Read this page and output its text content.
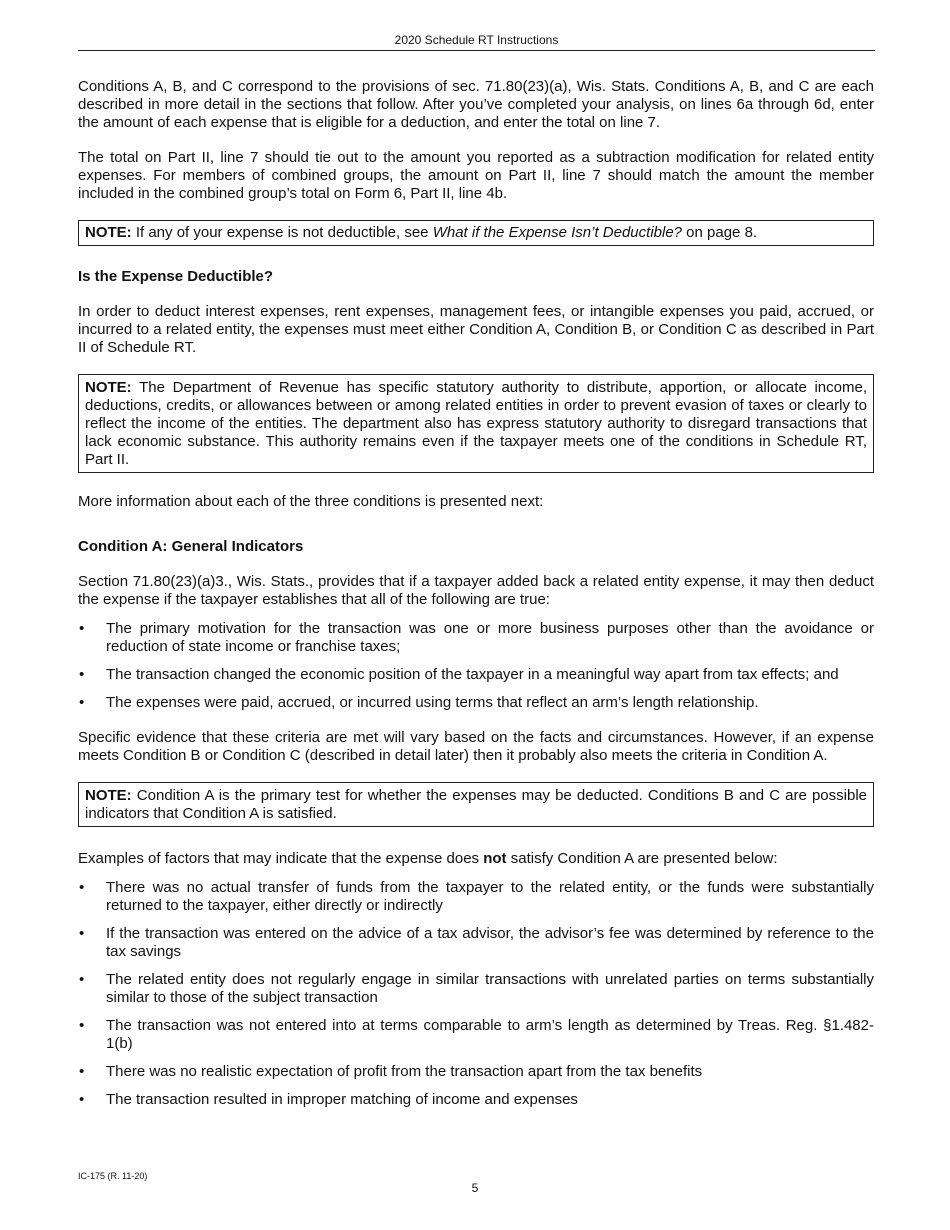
2020 Schedule RT Instructions

Conditions A, B, and C correspond to the provisions of sec. 71.80(23)(a), Wis. Stats. Conditions A, B, and C are each described in more detail in the sections that follow. After you’ve completed your analysis, on lines 6a through 6d, enter the amount of each expense that is eligible for a deduction, and enter the total on line 7.

The total on Part II, line 7 should tie out to the amount you reported as a subtraction modification for related entity expenses. For members of combined groups, the amount on Part II, line 7 should match the amount the member included in the combined group’s total on Form 6, Part II, line 4b.

NOTE: If any of your expense is not deductible, see What if the Expense Isn’t Deductible? on page 8.
Is the Expense Deductible?

In order to deduct interest expenses, rent expenses, management fees, or intangible expenses you paid, accrued, or incurred to a related entity, the expenses must meet either Condition A, Condition B, or Condition C as described in Part II of Schedule RT.

NOTE: The Department of Revenue has specific statutory authority to distribute, apportion, or allocate income, deductions, credits, or allowances between or among related entities in order to prevent evasion of taxes or clearly to reflect the income of the entities. The department also has express statutory authority to disregard transactions that lack economic substance. This authority remains even if the taxpayer meets one of the conditions in Schedule RT, Part II.

More information about each of the three conditions is presented next:

Condition A: General Indicators

Section 71.80(23)(a)3., Wis. Stats., provides that if a taxpayer added back a related entity expense, it may then deduct the expense if the taxpayer establishes that all of the following are true:

• The primary motivation for the transaction was one or more business purposes other than the avoidance or reduction of state income or franchise taxes;
• The transaction changed the economic position of the taxpayer in a meaningful way apart from tax effects; and
• The expenses were paid, accrued, or incurred using terms that reflect an arm’s length relationship.

Specific evidence that these criteria are met will vary based on the facts and circumstances. However, if an expense meets Condition B or Condition C (described in detail later) then it probably also meets the criteria in Condition A.

NOTE: Condition A is the primary test for whether the expenses may be deducted. Conditions B and C are possible indicators that Condition A is satisfied.

Examples of factors that may indicate that the expense does not satisfy Condition A are presented below:

• There was no actual transfer of funds from the taxpayer to the related entity, or the funds were substantially returned to the taxpayer, either directly or indirectly
• If the transaction was entered on the advice of a tax advisor, the advisor’s fee was determined by reference to the tax savings
• The related entity does not regularly engage in similar transactions with unrelated parties on terms substantially similar to those of the subject transaction
• The transaction was not entered into at terms comparable to arm’s length as determined by Treas. Reg. §1.482-1(b)
• There was no realistic expectation of profit from the transaction apart from the tax benefits
• The transaction resulted in improper matching of income and expenses
IC-175 (R. 11-20)
5
